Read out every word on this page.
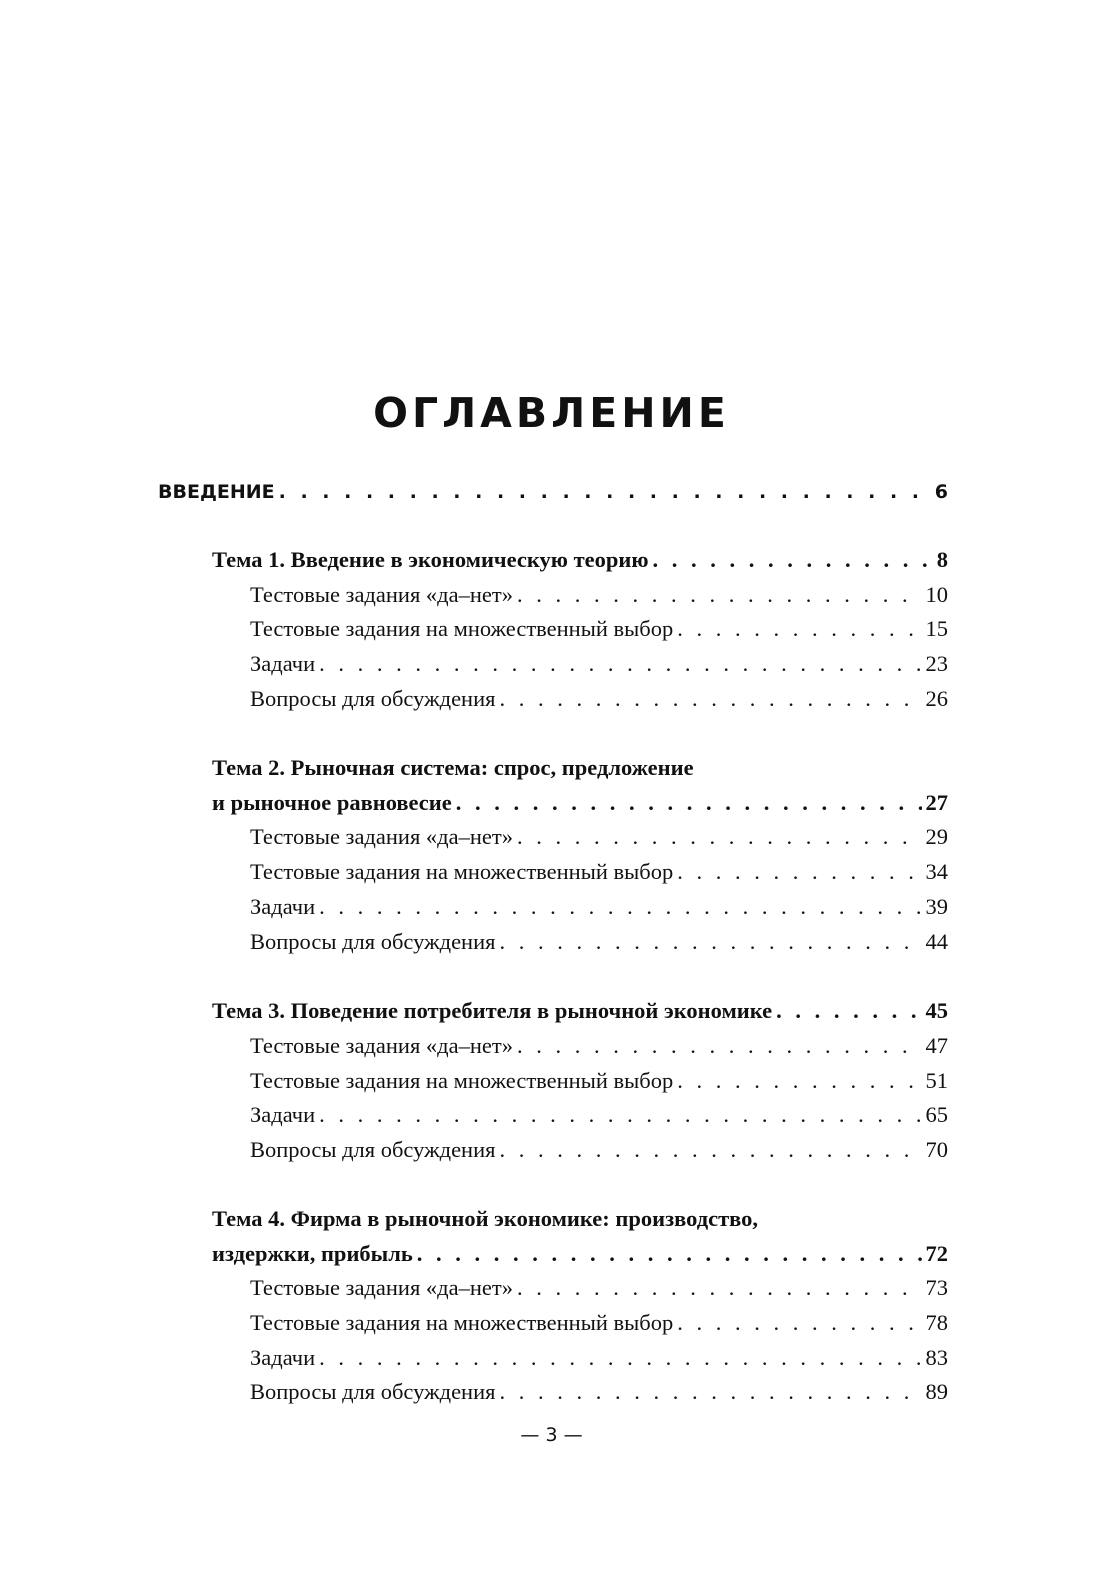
ОГЛАВЛЕНИЕ
ВВЕДЕНИЕ . . .	6
Тема 1. Введение в экономическую теорию . . .	8
Тестовые задания «да–нет» . . .	10
Тестовые задания на множественный выбор . . .	15
Задачи . . .	23
Вопросы для обсуждения . . .	26
Тема 2. Рыночная система: спрос, предложение
и рыночное равновесие . . .	27
Тестовые задания «да–нет» . . .	29
Тестовые задания на множественный выбор . . .	34
Задачи . . .	39
Вопросы для обсуждения . . .	44
Тема 3. Поведение потребителя в рыночной экономике . . .	45
Тестовые задания «да–нет» . . .	47
Тестовые задания на множественный выбор . . .	51
Задачи . . .	65
Вопросы для обсуждения . . .	70
Тема 4. Фирма в рыночной экономике: производство,
издержки, прибыль . . .	72
Тестовые задания «да–нет» . . .	73
Тестовые задания на множественный выбор . . .	78
Задачи . . .	83
Вопросы для обсуждения . . .	89
— 3 —
